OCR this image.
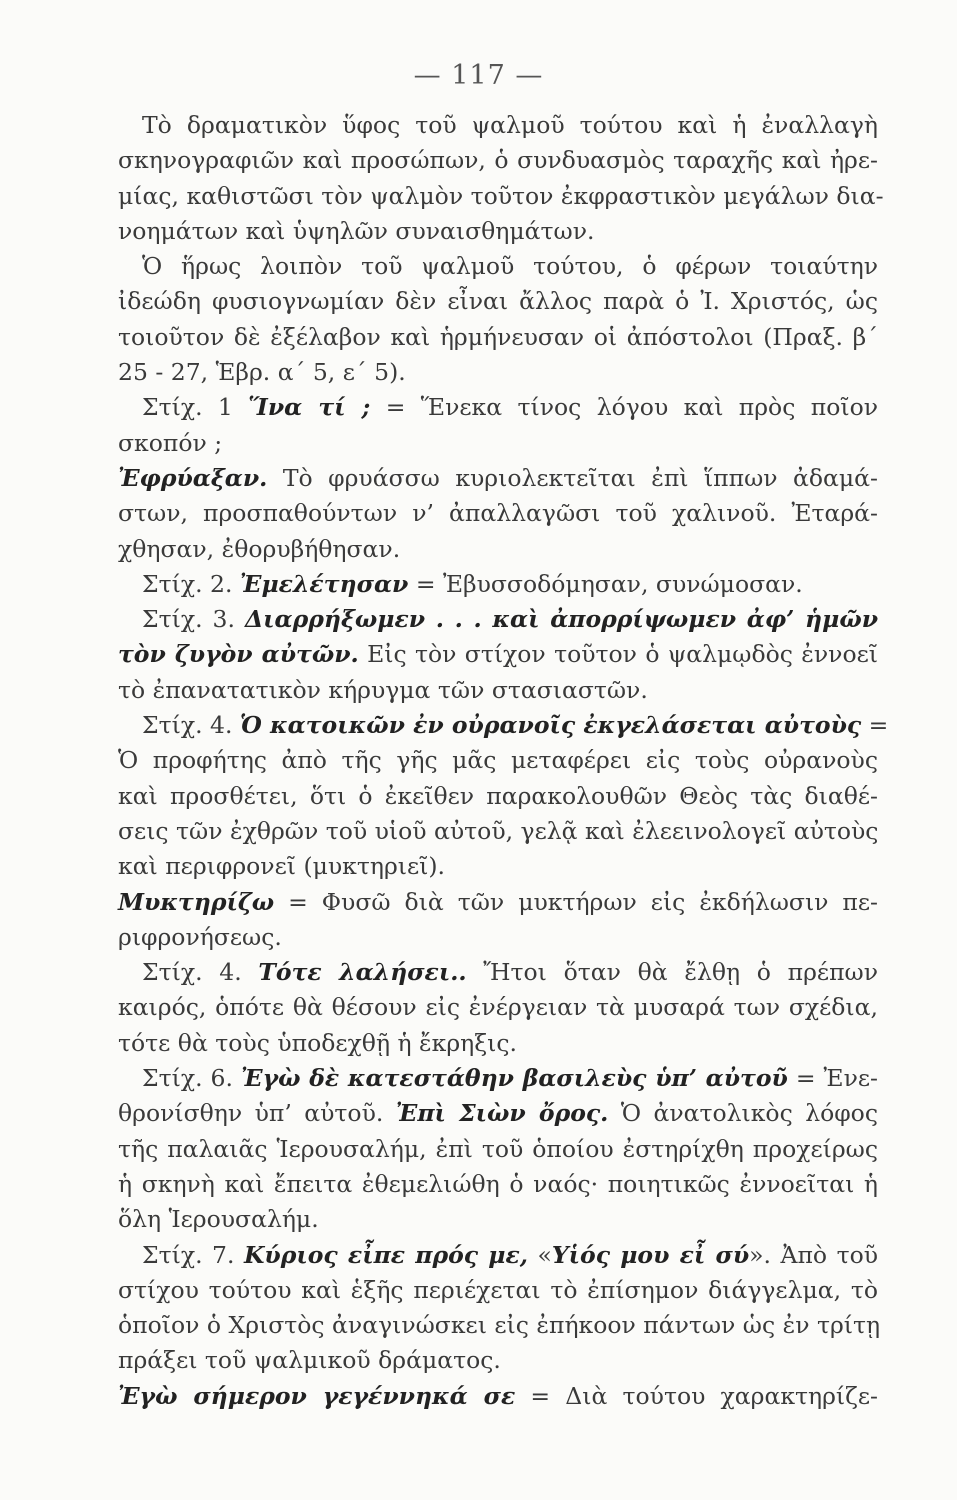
— 117 —
Τὸ δραματικὸν ὕφος τοῦ ψαλμοῦ τούτου καὶ ἡ ἐναλλαγὴ
σκηνογραφιῶν καὶ προσώπων, ὁ συνδυασμὸς ταραχῆς καὶ ἠρε-
μίας, καθιστῶσι τὸν ψαλμὸν τοῦτον ἐκφραστικὸν μεγάλων δια-
νοημάτων καὶ ὑψηλῶν συναισθημάτων.
Ὁ ἥρως λοιπὸν τοῦ ψαλμοῦ τούτου, ὁ φέρων τοιαύτην
ἰδεώδη φυσιογνωμίαν δὲν εἶναι ἄλλος παρὰ ὁ Ἰ. Χριστός, ὡς
τοιοῦτον δὲ ἐξέλαβον καὶ ἡρμήνευσαν οἱ ἀπόστολοι (Πραξ. β΄
25 - 27, Ἑβρ. α΄ 5, ε΄ 5).
Στίχ. 1 Ἵνα τί ; = Ἕνεκα τίνος λόγου καὶ πρὸς ποῖον
σκοπόν ;
Ἐφρύαξαν. Τὸ φρυάσσω κυριολεκτεῖται ἐπὶ ἵππων ἀδαμά-
στων, προσπαθούντων ν’ ἀπαλλαγῶσι τοῦ χαλινοῦ. Ἐταρά-
χθησαν, ἐθορυβήθησαν.
Στίχ. 2. Ἐμελέτησαν = Ἐβυσσοδόμησαν, συνώμοσαν.
Στίχ. 3. Διαρρήξωμεν . . . καὶ ἀπορρίψωμεν ἀφ’ ἡμῶν
τὸν ζυγὸν αὐτῶν. Εἰς τὸν στίχον τοῦτον ὁ ψαλμῳδὸς ἐννοεῖ
τὸ ἐπανατατικὸν κήρυγμα τῶν στασιαστῶν.
Στίχ. 4. Ὁ κατοικῶν ἐν οὐρανοῖς ἐκγελάσεται αὐτοὺς =
Ὁ προφήτης ἀπὸ τῆς γῆς μᾶς μεταφέρει εἰς τοὺς οὐρανοὺς
καὶ προσθέτει, ὅτι ὁ ἐκεῖθεν παρακολουθῶν Θεὸς τὰς διαθέ-
σεις τῶν ἐχθρῶν τοῦ υἱοῦ αὐτοῦ, γελᾷ καὶ ἐλεεινολογεῖ αὐτοὺς
καὶ περιφρονεῖ (μυκτηριεῖ).
Μυκτηρίζω = Φυσῶ διὰ τῶν μυκτήρων εἰς ἐκδήλωσιν πε-
ριφρονήσεως.
Στίχ. 4. Τότε λαλήσει.. Ἤτοι ὅταν θὰ ἔλθῃ ὁ πρέπων
καιρός, ὁπότε θὰ θέσουν εἰς ἐνέργειαν τὰ μυσαρά των σχέδια,
τότε θὰ τοὺς ὑποδεχθῇ ἡ ἔκρηξις.
Στίχ. 6. Ἐγὼ δὲ κατεστάθην βασιλεὺς ὑπ’ αὐτοῦ = Ἐνε-
θρονίσθην ὑπ’ αὐτοῦ. Ἐπὶ Σιὼν ὄρος. Ὁ ἀνατολικὸς λόφος
τῆς παλαιᾶς Ἱερουσαλήμ, ἐπὶ τοῦ ὁποίου ἐστηρίχθη προχείρως
ἡ σκηνὴ καὶ ἔπειτα ἐθεμελιώθη ὁ ναός· ποιητικῶς ἐννοεῖται ἡ
ὅλη Ἱερουσαλήμ.
Στίχ. 7. Κύριος εἶπε πρός με, «Υἱός μου εἶ σύ». Ἀπὸ τοῦ
στίχου τούτου καὶ ἑξῆς περιέχεται τὸ ἐπίσημον διάγγελμα, τὸ
ὁποῖον ὁ Χριστὸς ἀναγινώσκει εἰς ἐπήκοον πάντων ὡς ἐν τρίτῃ
πράξει τοῦ ψαλμικοῦ δράματος.
Ἐγὼ σήμερον γεγέννηκά σε = Διὰ τούτου χαρακτηρίζε-
